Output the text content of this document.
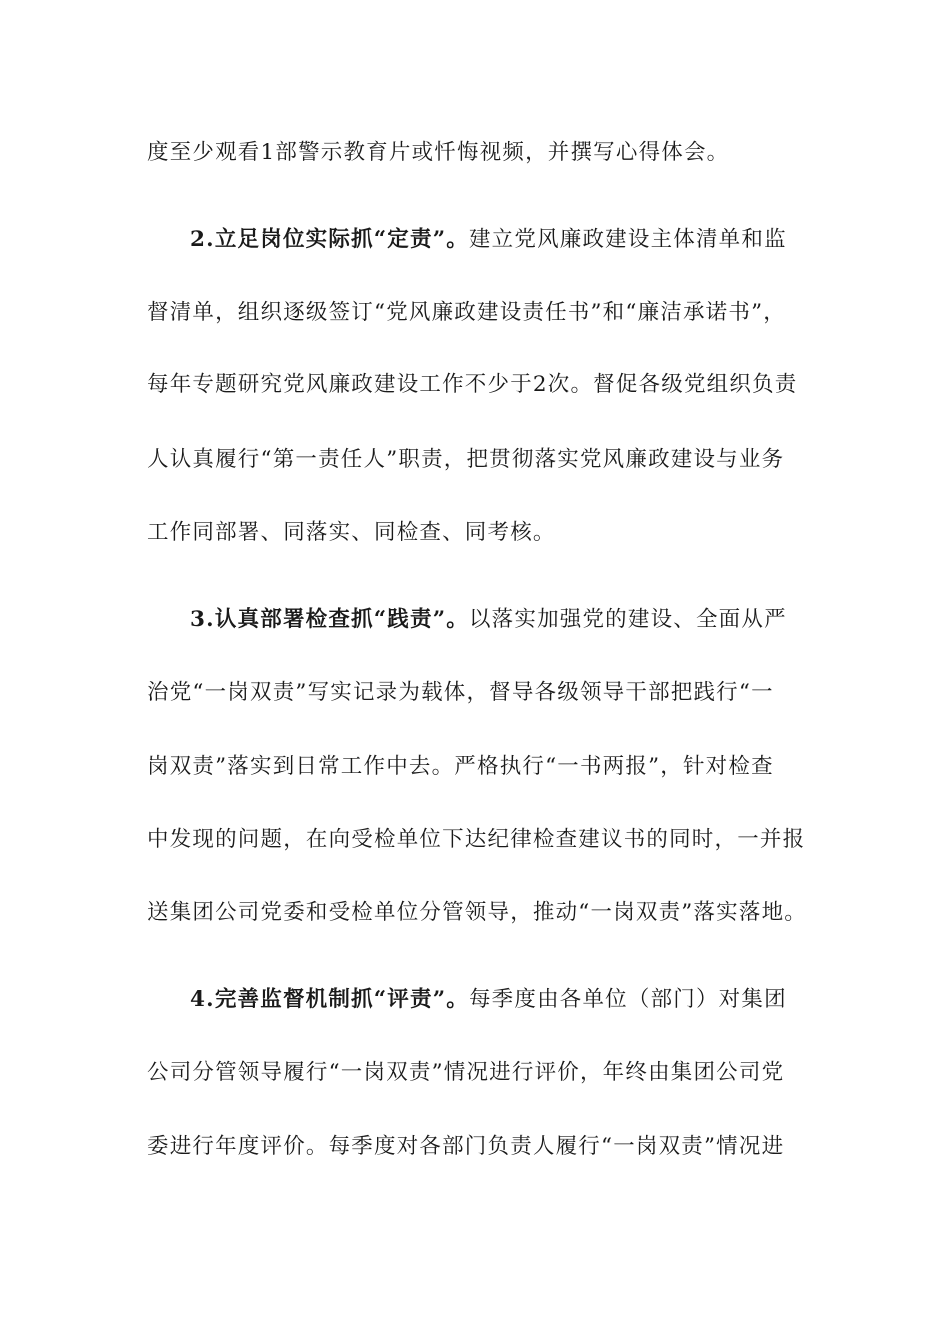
度至少观看1部警示教育片或忏悔视频，并撰写心得体会。
2.立足岗位实际抓“定责”。建立党风廉政建设主体清单和监
督清单，组织逐级签订“党风廉政建设责任书”和“廉洁承诺书”，
每年专题研究党风廉政建设工作不少于2次。督促各级党组织负责
人认真履行“第一责任人”职责，把贯彻落实党风廉政建设与业务
工作同部署、同落实、同检查、同考核。
3.认真部署检查抓“践责”。以落实加强党的建设、全面从严
治党“一岗双责”写实记录为载体，督导各级领导干部把践行“一
岗双责”落实到日常工作中去。严格执行“一书两报”，针对检查
中发现的问题，在向受检单位下达纪律检查建议书的同时，一并报
送集团公司党委和受检单位分管领导，推动“一岗双责”落实落地。
4.完善监督机制抓“评责”。每季度由各单位（部门）对集团
公司分管领导履行“一岗双责”情况进行评价，年终由集团公司党
委进行年度评价。每季度对各部门负责人履行“一岗双责”情况进
